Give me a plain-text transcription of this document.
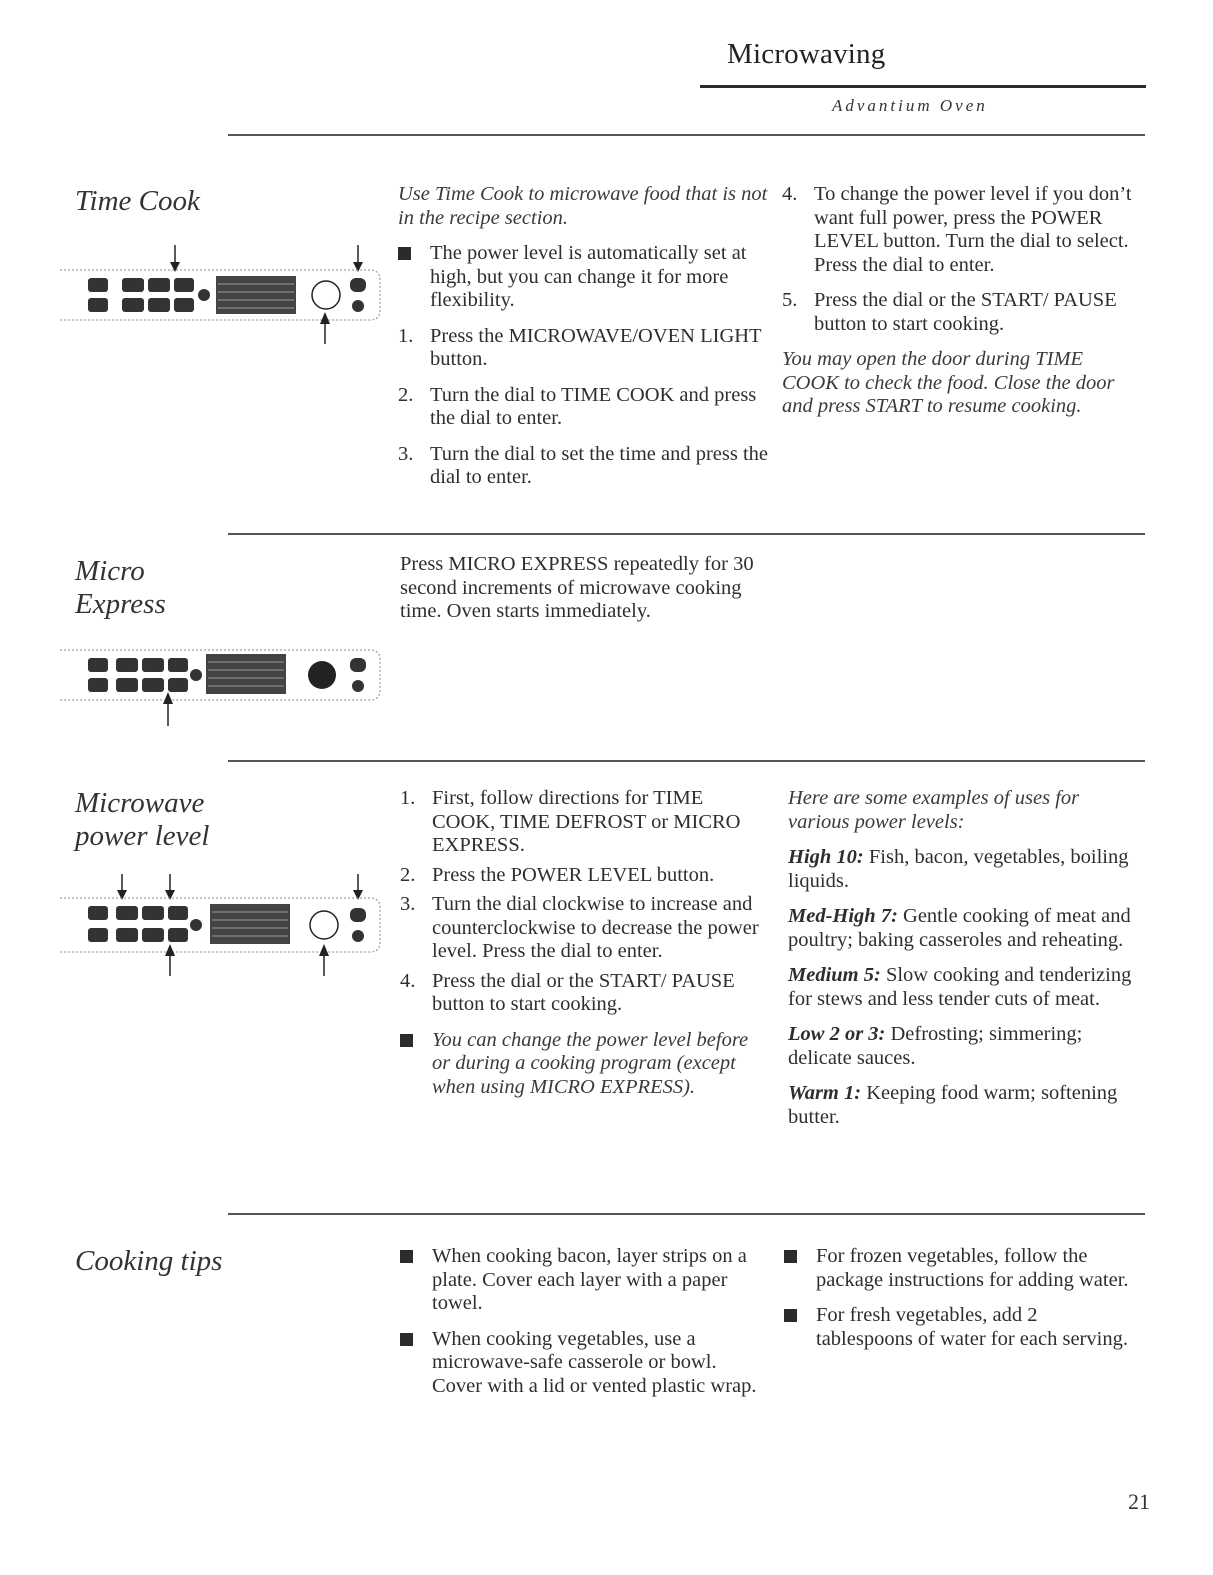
Microwaving
Advantium Oven
Time Cook	Use Time Cook to microwave food that is not in the recipe section.
The power level is automatically set at high, but you can change it for more flexibility.
1. Press the MICROWAVE/OVEN LIGHT button.
2. Turn the dial to TIME COOK and press the dial to enter.
3. Turn the dial to set the time and press the dial to enter.
4. To change the power level if you don’t want full power, press the POWER LEVEL button. Turn the dial to select. Press the dial to enter.
5. Press the dial or the START/ PAUSE button to start cooking.
You may open the door during TIME COOK to check the food. Close the door and press START to resume cooking.
Micro
Express
Press MICRO EXPRESS repeatedly for 30 second increments of microwave cooking time. Oven starts immediately.
Microwave
power level
1. First, follow directions for TIME COOK, TIME DEFROST or MICRO EXPRESS.
2. Press the POWER LEVEL button.
3. Turn the dial clockwise to increase and counterclockwise to decrease the power level. Press the dial to enter.
4. Press the dial or the START/ PAUSE button to start cooking.
You can change the power level before or during a cooking program (except when using MICRO EXPRESS).
Here are some examples of uses for various power levels:
High 10: Fish, bacon, vegetables, boiling liquids.
Med-High 7: Gentle cooking of meat and poultry; baking casseroles and reheating.
Medium 5: Slow cooking and tenderizing for stews and less tender cuts of meat.
Low 2 or 3: Defrosting; simmering; delicate sauces.
Warm 1: Keeping food warm; softening butter.
Cooking tips	When cooking bacon, layer strips on a plate. Cover each layer with a paper towel.
When cooking vegetables, use a microwave-safe casserole or bowl. Cover with a lid or vented plastic wrap.
For frozen vegetables, follow the package instructions for adding water.
For fresh vegetables, add 2 tablespoons of water for each serving.
21
